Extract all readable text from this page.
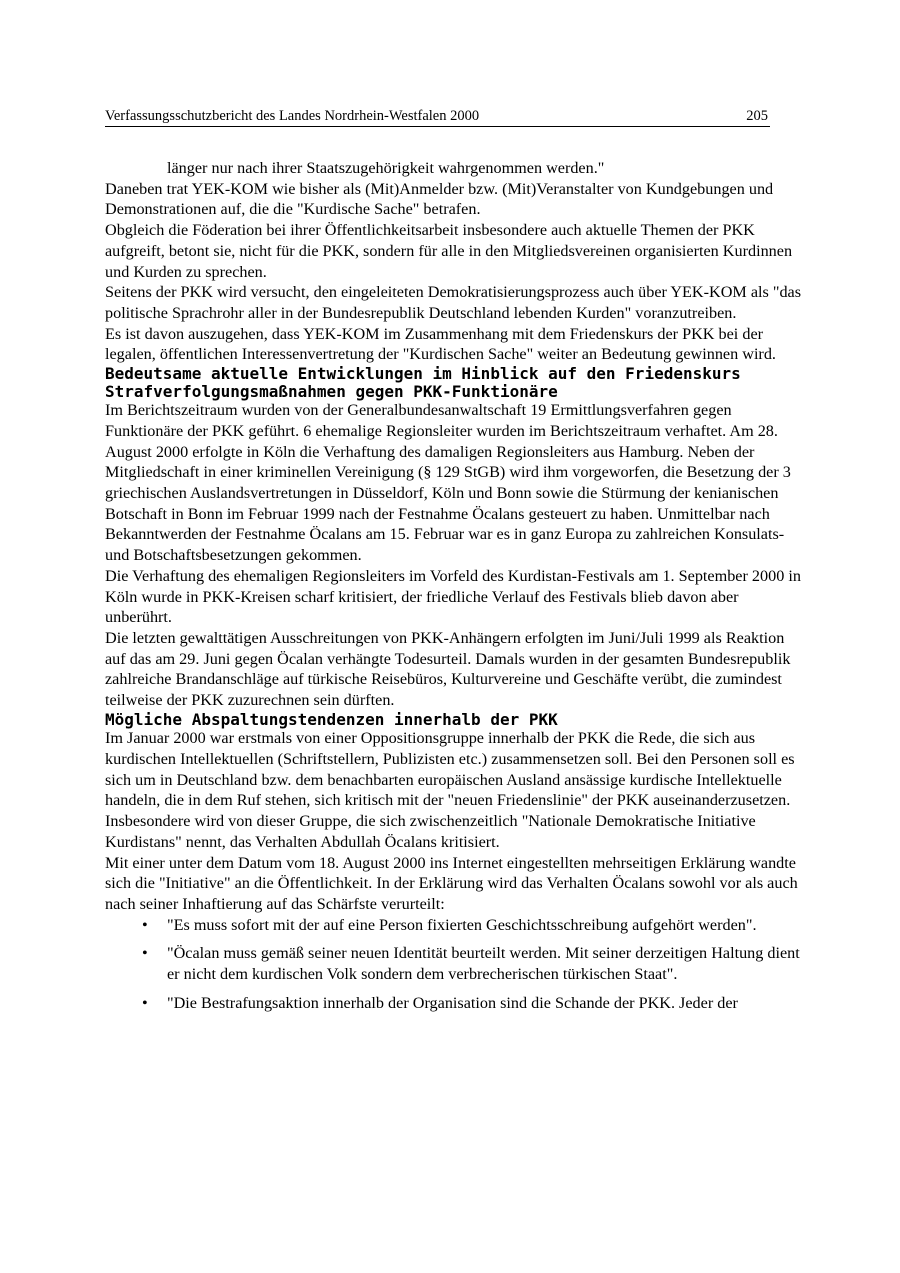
Verfassungsschutzbericht des Landes Nordrhein-Westfalen 2000	205

länger nur nach ihrer Staatszugehörigkeit wahrgenommen werden."

Daneben trat YEK-KOM wie bisher als (Mit)Anmelder bzw. (Mit)Veranstalter von Kundgebungen und Demonstrationen auf, die die "Kurdische Sache" betrafen.

Obgleich die Föderation bei ihrer Öffentlichkeitsarbeit insbesondere auch aktuelle Themen der PKK aufgreift, betont sie, nicht für die PKK, sondern für alle in den Mitgliedsvereinen organisierten Kurdinnen und Kurden zu sprechen.

Seitens der PKK wird versucht, den eingeleiteten Demokratisierungsprozess auch über YEK-KOM als "das politische Sprachrohr aller in der Bundesrepublik Deutschland lebenden Kurden" voranzutreiben.

Es ist davon auszugehen, dass YEK-KOM im Zusammenhang mit dem Friedenskurs der PKK bei der legalen, öffentlichen Interessenvertretung der "Kurdischen Sache" weiter an Bedeutung gewinnen wird.

Bedeutsame aktuelle Entwicklungen im Hinblick auf den Friedenskurs
Strafverfolgungsmaßnahmen gegen PKK-Funktionäre

Im Berichtszeitraum wurden von der Generalbundesanwaltschaft 19 Ermittlungsverfahren gegen Funktionäre der PKK geführt. 6 ehemalige Regionsleiter wurden im Berichtszeitraum verhaftet. Am 28. August 2000 erfolgte in Köln die Verhaftung des damaligen Regionsleiters aus Hamburg. Neben der Mitgliedschaft in einer kriminellen Vereinigung (§ 129 StGB) wird ihm vorgeworfen, die Besetzung der 3 griechischen Auslandsvertretungen in Düsseldorf, Köln und Bonn sowie die Stürmung der kenianischen Botschaft in Bonn im Februar 1999 nach der Festnahme Öcalans gesteuert zu haben. Unmittelbar nach Bekanntwerden der Festnahme Öcalans am 15. Februar war es in ganz Europa zu zahlreichen Konsulats- und Botschaftsbesetzungen gekommen.

Die Verhaftung des ehemaligen Regionsleiters im Vorfeld des Kurdistan-Festivals am 1. September 2000 in Köln wurde in PKK-Kreisen scharf kritisiert, der friedliche Verlauf des Festivals blieb davon aber unberührt.

Die letzten gewalttätigen Ausschreitungen von PKK-Anhängern erfolgten im Juni/Juli 1999 als Reaktion auf das am 29. Juni gegen Öcalan verhängte Todesurteil. Damals wurden in der gesamten Bundesrepublik zahlreiche Brandanschläge auf türkische Reisebüros, Kulturvereine und Geschäfte verübt, die zumindest teilweise der PKK zuzurechnen sein dürften.

Mögliche Abspaltungstendenzen innerhalb der PKK

Im Januar 2000 war erstmals von einer Oppositionsgruppe innerhalb der PKK die Rede, die sich aus kurdischen Intellektuellen (Schriftstellern, Publizisten etc.) zusammensetzen soll. Bei den Personen soll es sich um in Deutschland bzw. dem benachbarten europäischen Ausland ansässige kurdische Intellektuelle handeln, die in dem Ruf stehen, sich kritisch mit der "neuen Friedenslinie" der PKK auseinanderzusetzen. Insbesondere wird von dieser Gruppe, die sich zwischenzeitlich "Nationale Demokratische Initiative Kurdistans" nennt, das Verhalten Abdullah Öcalans kritisiert.

Mit einer unter dem Datum vom 18. August 2000 ins Internet eingestellten mehrseitigen Erklärung wandte sich die "Initiative" an die Öffentlichkeit. In der Erklärung wird das Verhalten Öcalans sowohl vor als auch nach seiner Inhaftierung auf das Schärfste verurteilt:

• "Es muss sofort mit der auf eine Person fixierten Geschichtsschreibung aufgehört werden".
• "Öcalan muss gemäß seiner neuen Identität beurteilt werden. Mit seiner derzeitigen Haltung dient er nicht dem kurdischen Volk sondern dem verbrecherischen türkischen Staat".
• "Die Bestrafungsaktion innerhalb der Organisation sind die Schande der PKK. Jeder der
